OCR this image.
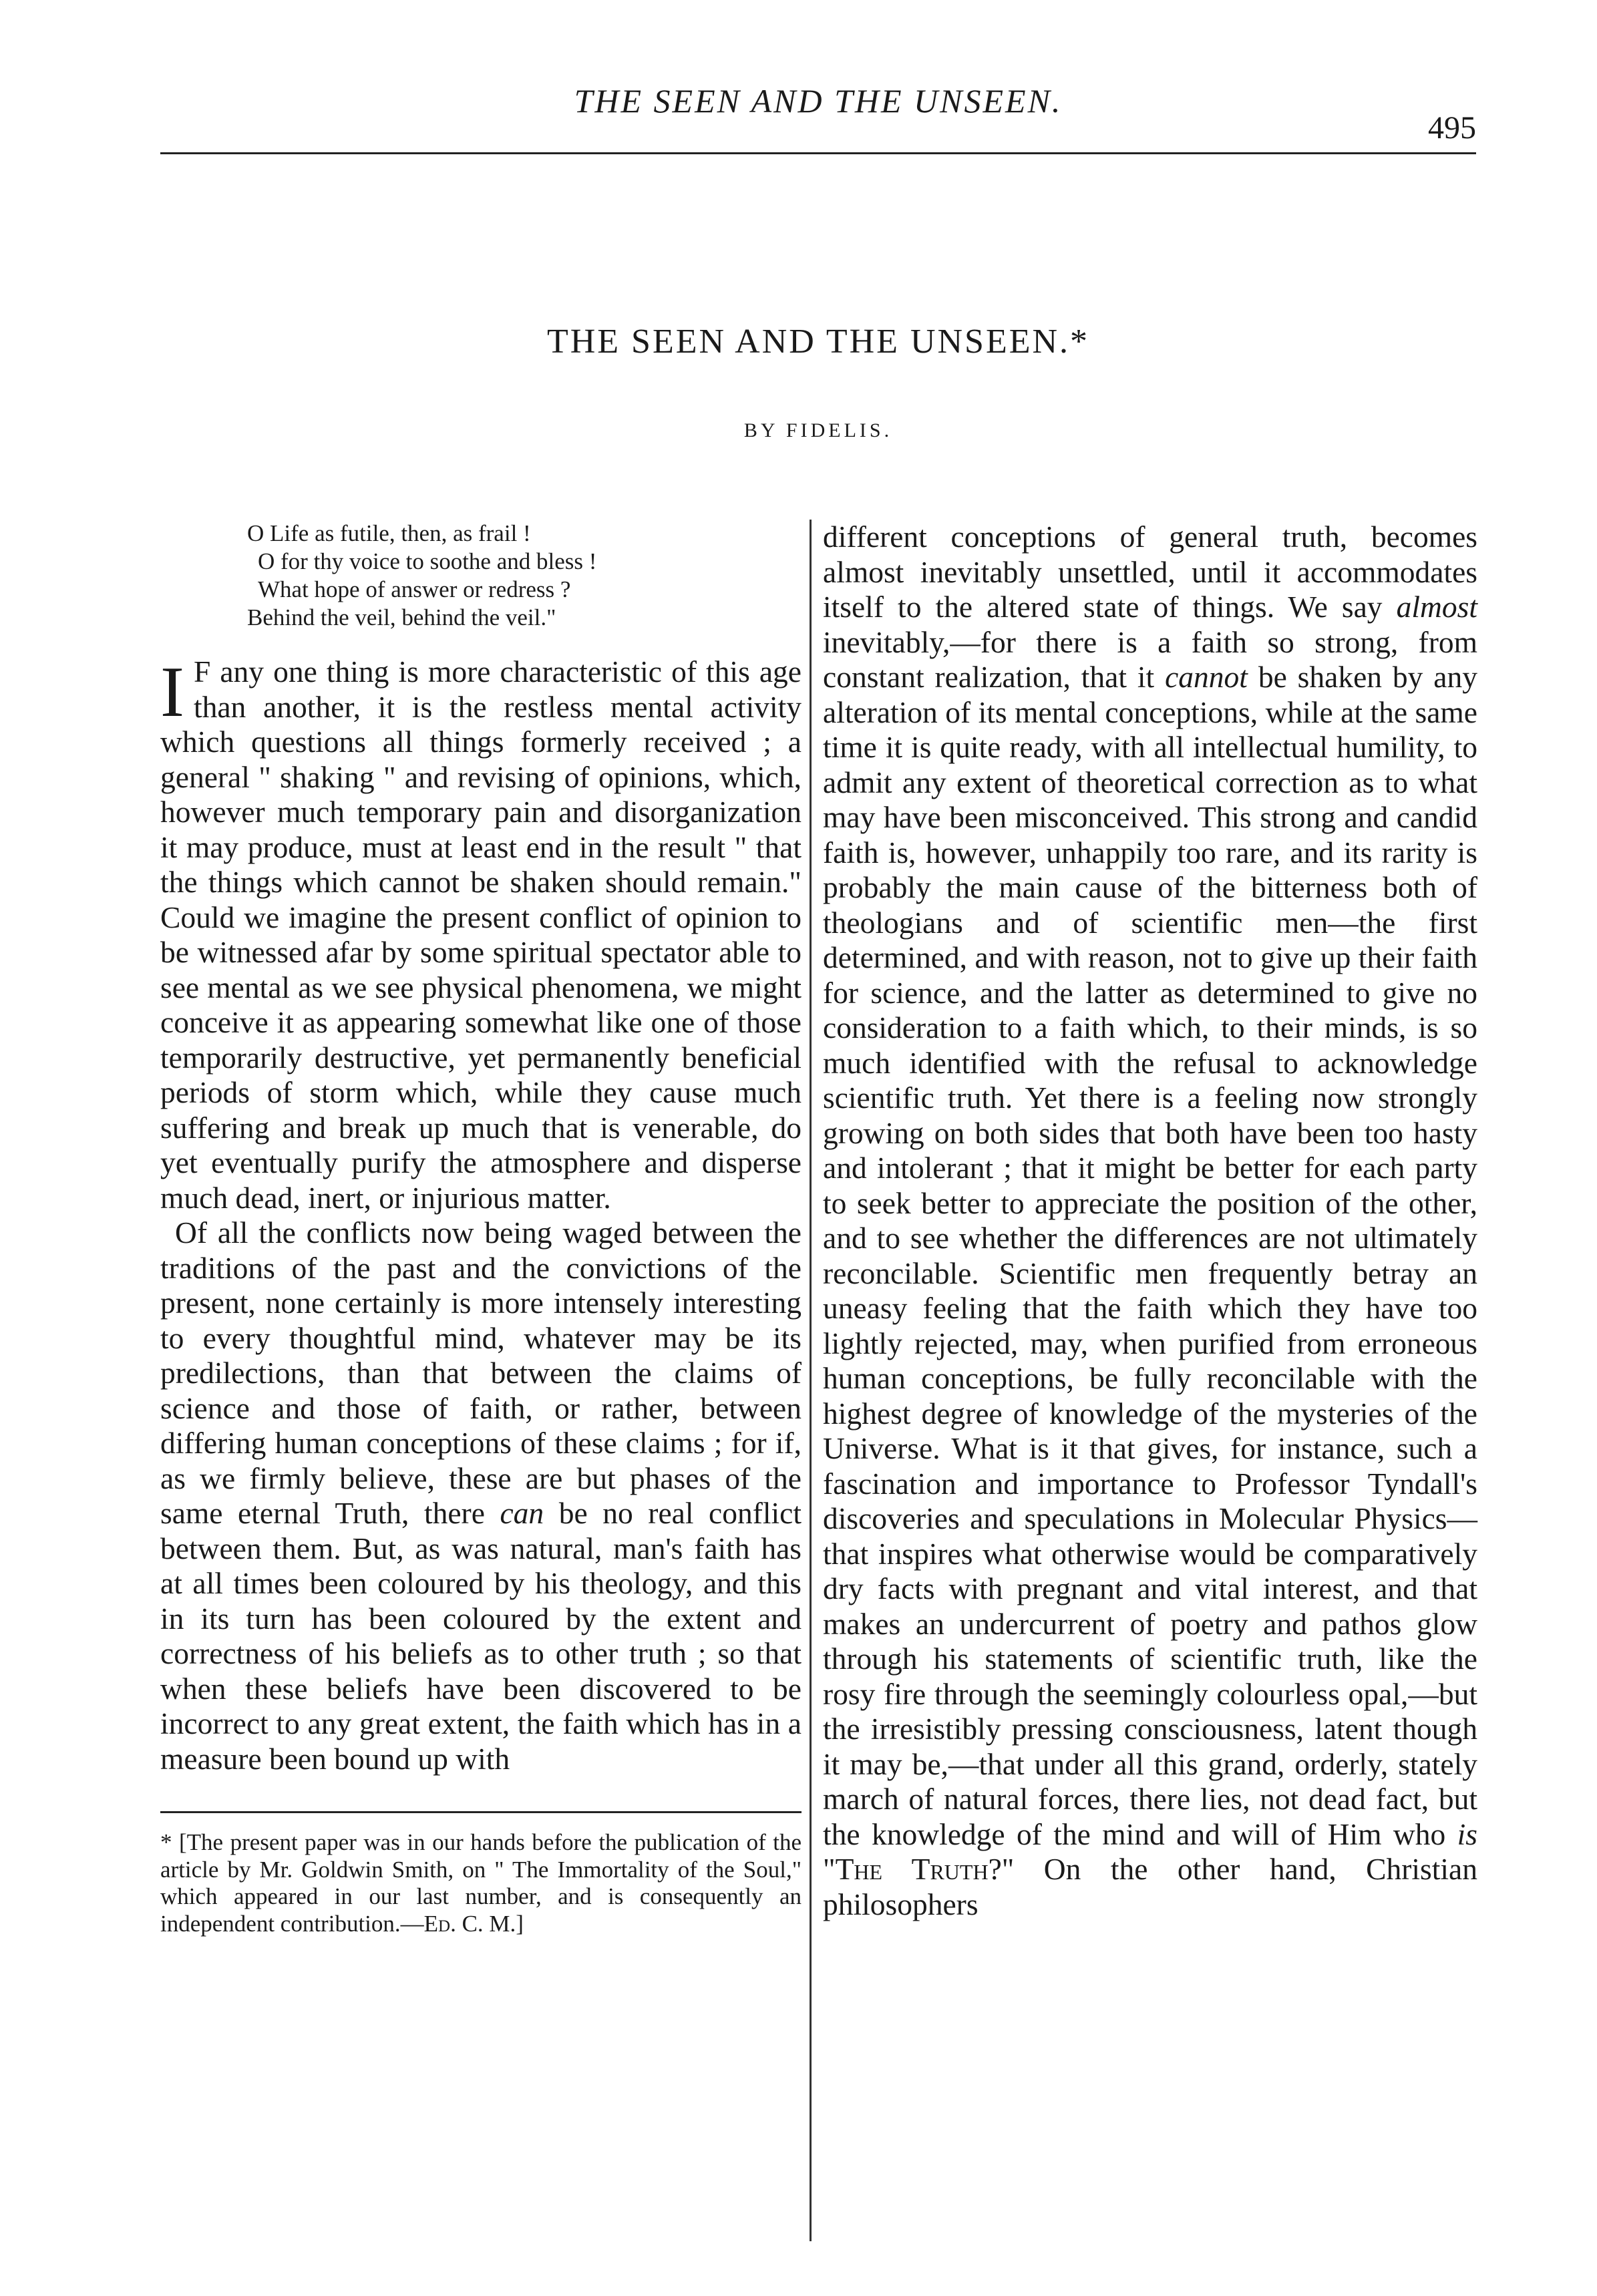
THE SEEN AND THE UNSEEN.
495
THE SEEN AND THE UNSEEN.*
BY FIDELIS.
O Life as futile, then, as frail !
O for thy voice to soothe and bless !
What hope of answer or redress ?
Behind the veil, behind the veil."

I F any one thing is more characteristic of this age than another, it is the restless mental activity which questions all things formerly received ; a general " shaking " and revising of opinions, which, however much temporary pain and disorganization it may produce, must at least end in the result " that the things which cannot be shaken should remain." Could we imagine the present conflict of opinion to be witnessed afar by some spiritual spectator able to see mental as we see physical phenomena, we might conceive it as appearing somewhat like one of those temporarily destructive, yet permanently beneficial periods of storm which, while they cause much suffering and break up much that is venerable, do yet eventually purify the atmosphere and disperse much dead, inert, or injurious matter.

Of all the conflicts now being waged between the traditions of the past and the convictions of the present, none certainly is more intensely interesting to every thoughtful mind, whatever may be its predilections, than that between the claims of science and those of faith, or rather, between differing human conceptions of these claims ; for if, as we firmly believe, these are but phases of the same eternal Truth, there can be no real conflict between them. But, as was natural, man's faith has at all times been coloured by his theology, and this in its turn has been coloured by the extent and correctness of his beliefs as to other truth ; so that when these beliefs have been discovered to be incorrect to any great extent, the faith which has in a measure been bound up with

* [The present paper was in our hands before the publication of the article by Mr. Goldwin Smith, on " The Immortality of the Soul," which appeared in our last number, and is consequently an independent contribution.—Ed. C. M.]

different conceptions of general truth, becomes almost inevitably unsettled, until it accommodates itself to the altered state of things. We say almost inevitably,—for there is a faith so strong, from constant realization, that it cannot be shaken by any alteration of its mental conceptions, while at the same time it is quite ready, with all intellectual humility, to admit any extent of theoretical correction as to what may have been misconceived. This strong and candid faith is, however, unhappily too rare, and its rarity is probably the main cause of the bitterness both of theologians and of scientific men—the first determined, and with reason, not to give up their faith for science, and the latter as determined to give no consideration to a faith which, to their minds, is so much identified with the refusal to acknowledge scientific truth. Yet there is a feeling now strongly growing on both sides that both have been too hasty and intolerant ; that it might be better for each party to seek better to appreciate the position of the other, and to see whether the differences are not ultimately reconcilable. Scientific men frequently betray an uneasy feeling that the faith which they have too lightly rejected, may, when purified from erroneous human conceptions, be fully reconcilable with the highest degree of knowledge of the mysteries of the Universe. What is it that gives, for instance, such a fascination and importance to Professor Tyndall's discoveries and speculations in Molecular Physics—that inspires what otherwise would be comparatively dry facts with pregnant and vital interest, and that makes an undercurrent of poetry and pathos glow through his statements of scientific truth, like the rosy fire through the seemingly colourless opal,—but the irresistibly pressing consciousness, latent though it may be,—that under all this grand, orderly, stately march of natural forces, there lies, not dead fact, but the knowledge of the mind and will of Him who is "The Truth?" On the other hand, Christian philosophers
